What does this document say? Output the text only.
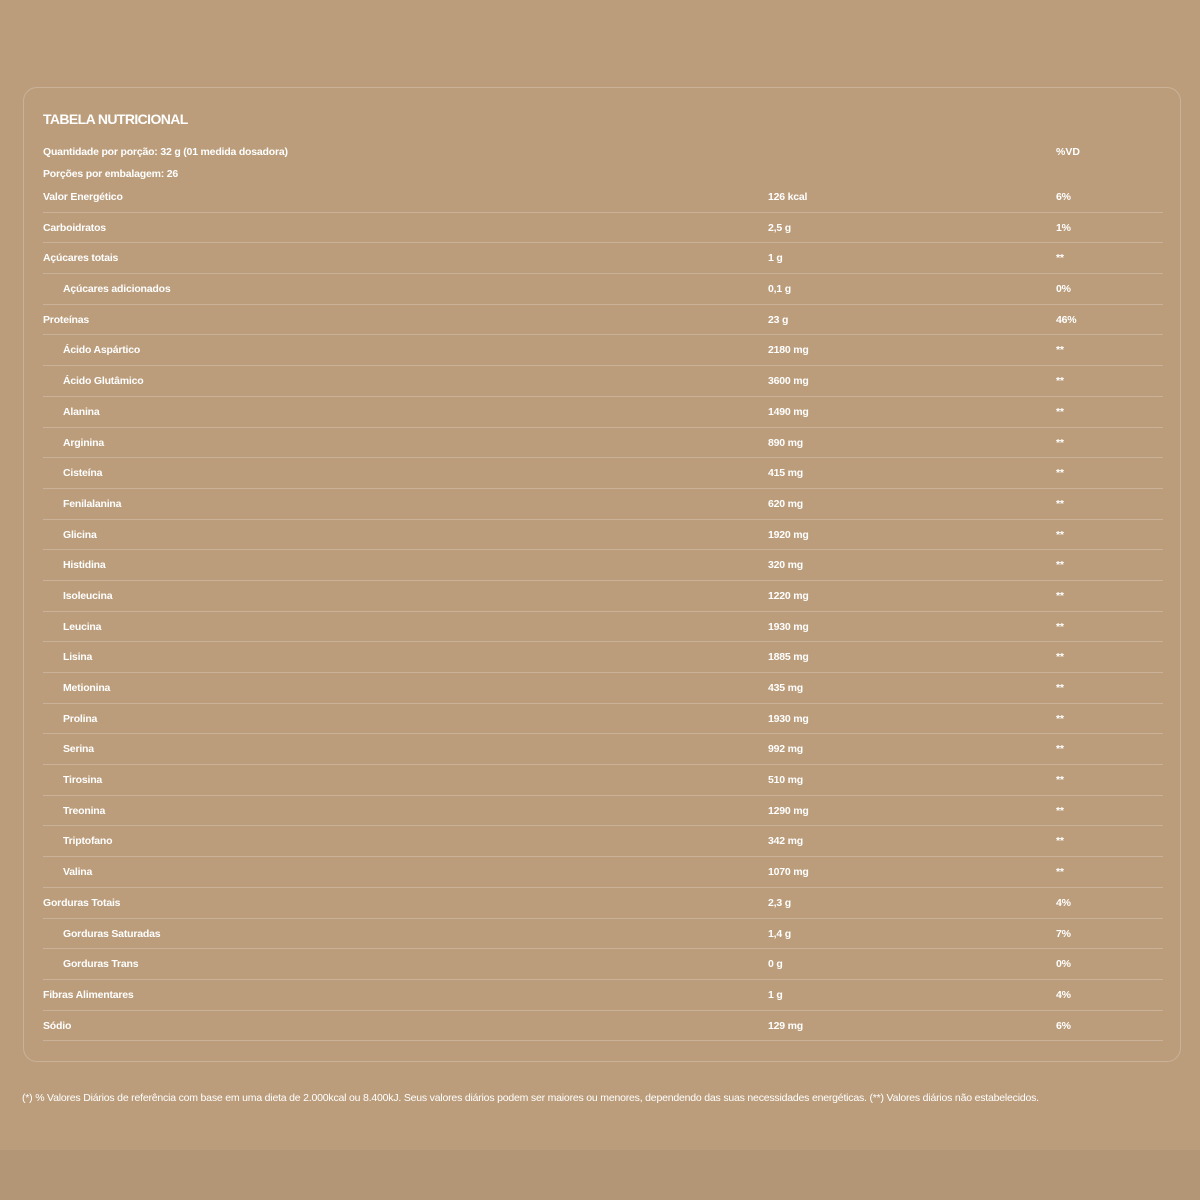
TABELA NUTRICIONAL
Quantidade por porção: 32 g (01 medida dosadora)
Porções por embalagem: 26
%VD
Valor Energético	126 kcal	6%
Carboidratos	2,5 g	1%
Açúcares totais	1 g	**
Açúcares adicionados	0,1 g	0%
Proteínas	23 g	46%
Ácido Aspártico	2180 mg	**
Ácido Glutâmico	3600 mg	**
Alanina	1490 mg	**
Arginina	890 mg	**
Cisteína	415 mg	**
Fenilalanina	620 mg	**
Glicina	1920 mg	**
Histidina	320 mg	**
Isoleucina	1220 mg	**
Leucina	1930 mg	**
Lisina	1885 mg	**
Metionina	435 mg	**
Prolina	1930 mg	**
Serina	992 mg	**
Tirosina	510 mg	**
Treonina	1290 mg	**
Triptofano	342 mg	**
Valina	1070 mg	**
Gorduras Totais	2,3 g	4%
Gorduras Saturadas	1,4 g	7%
Gorduras Trans	0 g	0%
Fibras Alimentares	1 g	4%
Sódio	129 mg	6%
(*) % Valores Diários de referência com base em uma dieta de 2.000kcal ou 8.400kJ. Seus valores diários podem ser maiores ou menores, dependendo das suas necessidades energéticas. (**) Valores diários não estabelecidos.
